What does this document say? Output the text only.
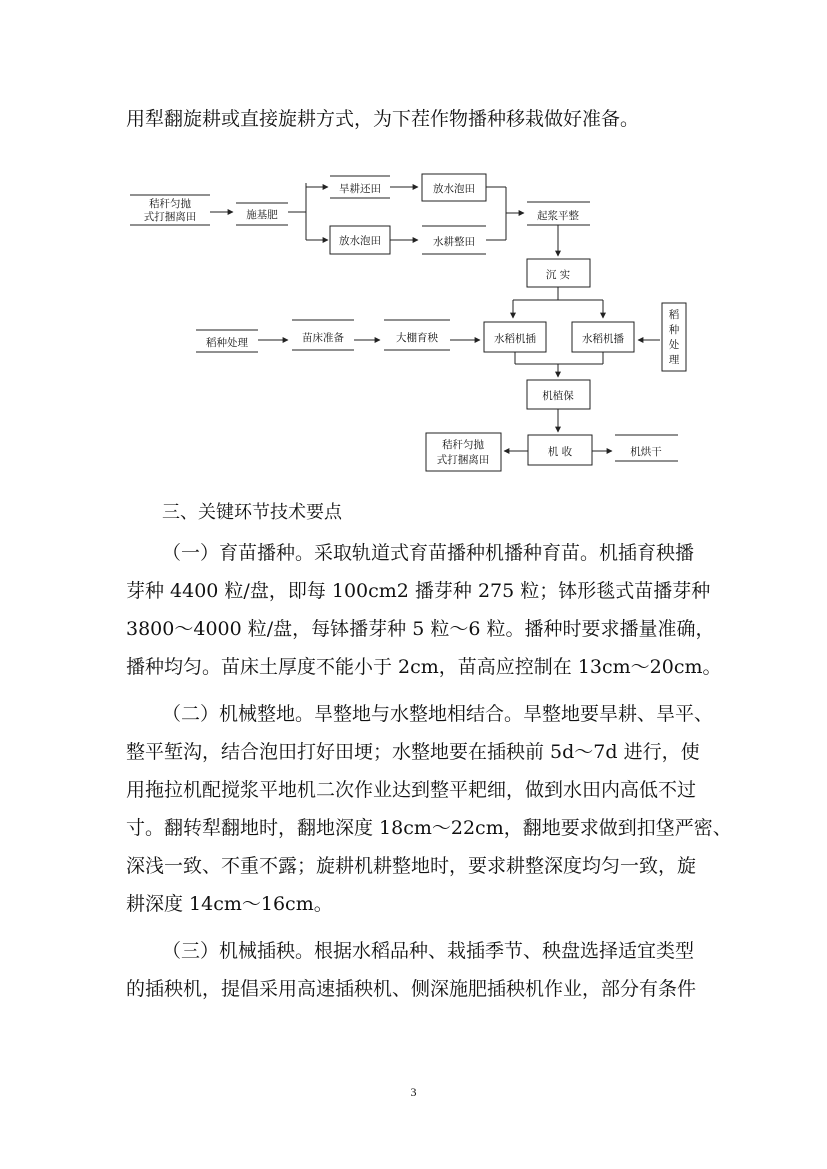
用犁翻旋耕或直接旋耕方式，为下茬作物播种移栽做好准备。
秸秆匀抛
式打捆离田	施基肥
旱耕还田	放水泡田
放水泡田	水耕整田
起浆平整
沉 实
稻种处理	苗床准备	大棚育秧	水稻机插	水稻机播
稻
种
处
理
机植保
机 收
秸秆匀抛
式打捆离田
机烘干
三、关键环节技术要点
（一）育苗播种。采取轨道式育苗播种机播种育苗。机插育秧播
芽种 4400 粒/盘，即每 100cm2 播芽种 275 粒；钵形毯式苗播芽种
3800～4000 粒/盘，每钵播芽种 5 粒～6 粒。播种时要求播量准确，
播种均匀。苗床土厚度不能小于 2cm，苗高应控制在 13cm～20cm。
（二）机械整地。旱整地与水整地相结合。旱整地要旱耕、旱平、
整平堑沟，结合泡田打好田埂；水整地要在插秧前 5d～7d 进行，使
用拖拉机配搅浆平地机二次作业达到整平耙细，做到水田内高低不过
寸。翻转犁翻地时，翻地深度 18cm～22cm，翻地要求做到扣垡严密、
深浅一致、不重不露；旋耕机耕整地时，要求耕整深度均匀一致，旋
耕深度 14cm～16cm。
（三）机械插秧。根据水稻品种、栽插季节、秧盘选择适宜类型
的插秧机，提倡采用高速插秧机、侧深施肥插秧机作业，部分有条件
3
